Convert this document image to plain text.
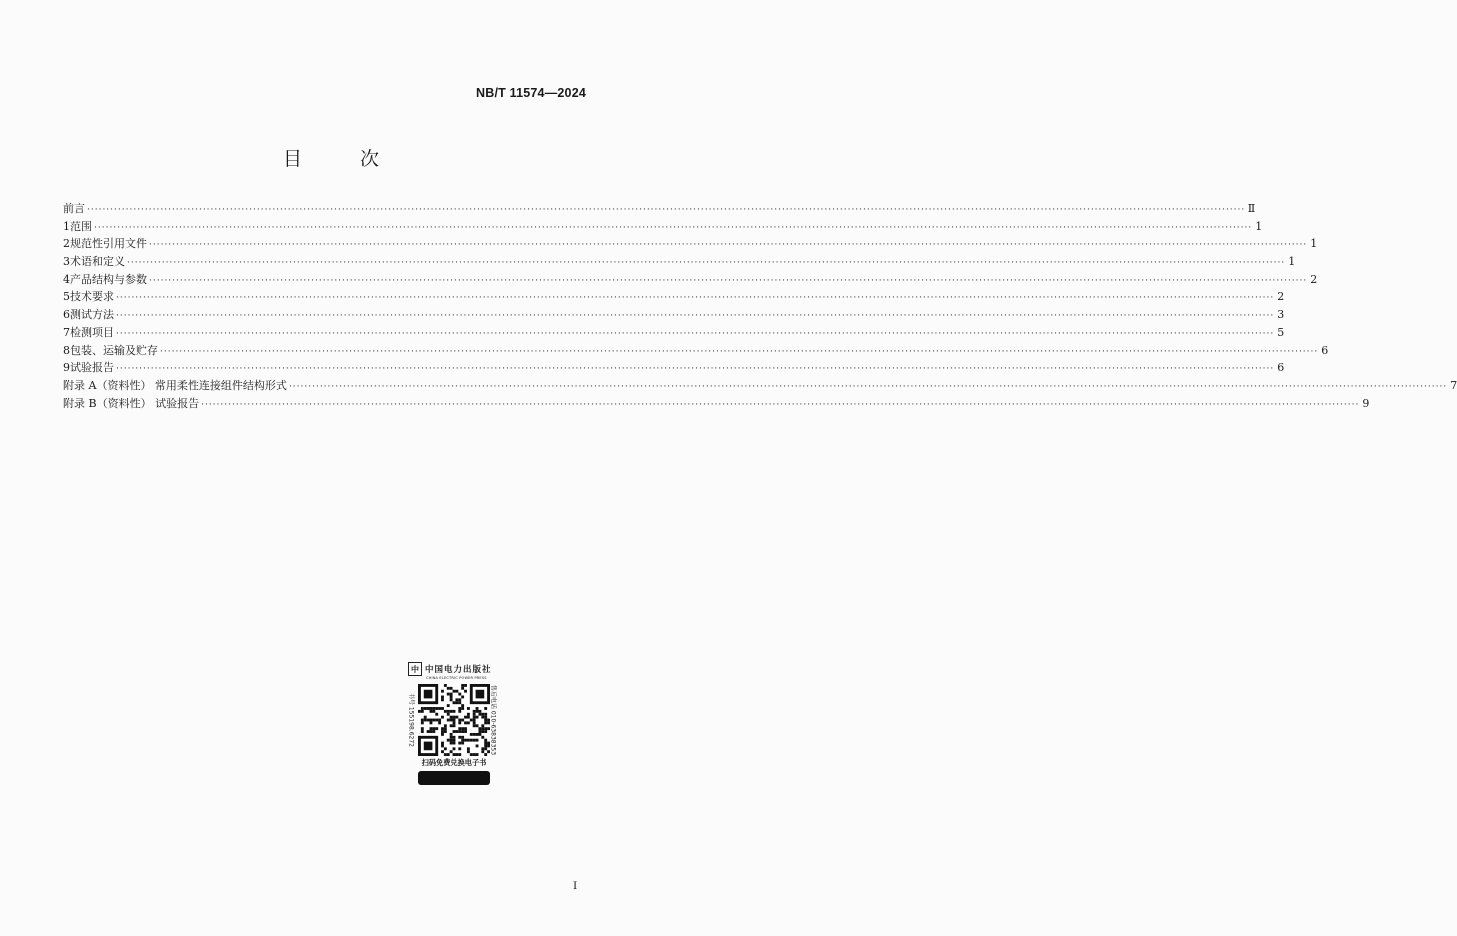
NB/T 11574—2024
目 次
前言 ············································································································································································································································································································ Ⅱ
1 范围 ············································································································································································································································································································ 1
2 规范性引用文件 ············································································································································································································································································································ 1
3 术语和定义 ············································································································································································································································································································ 1
4 产品结构与参数 ············································································································································································································································································································ 2
5 技术要求 ············································································································································································································································································································ 2
6 测试方法 ············································································································································································································································································································ 3
7 检测项目 ············································································································································································································································································································ 5
8 包装、运输及贮存 ············································································································································································································································································································ 6
9 试验报告 ············································································································································································································································································································ 6
附录 A（资料性） 常用柔性连接组件结构形式 ············································································································································································································································································································ 7
附录 B（资料性） 试验报告 ············································································································································································································································································································ 9
中 中国电力出版社
CHINA ELECTRIC POWER PRESS
书号 155198.6272	售后电话 010-63838353
扫码免费兑换电子书
I
